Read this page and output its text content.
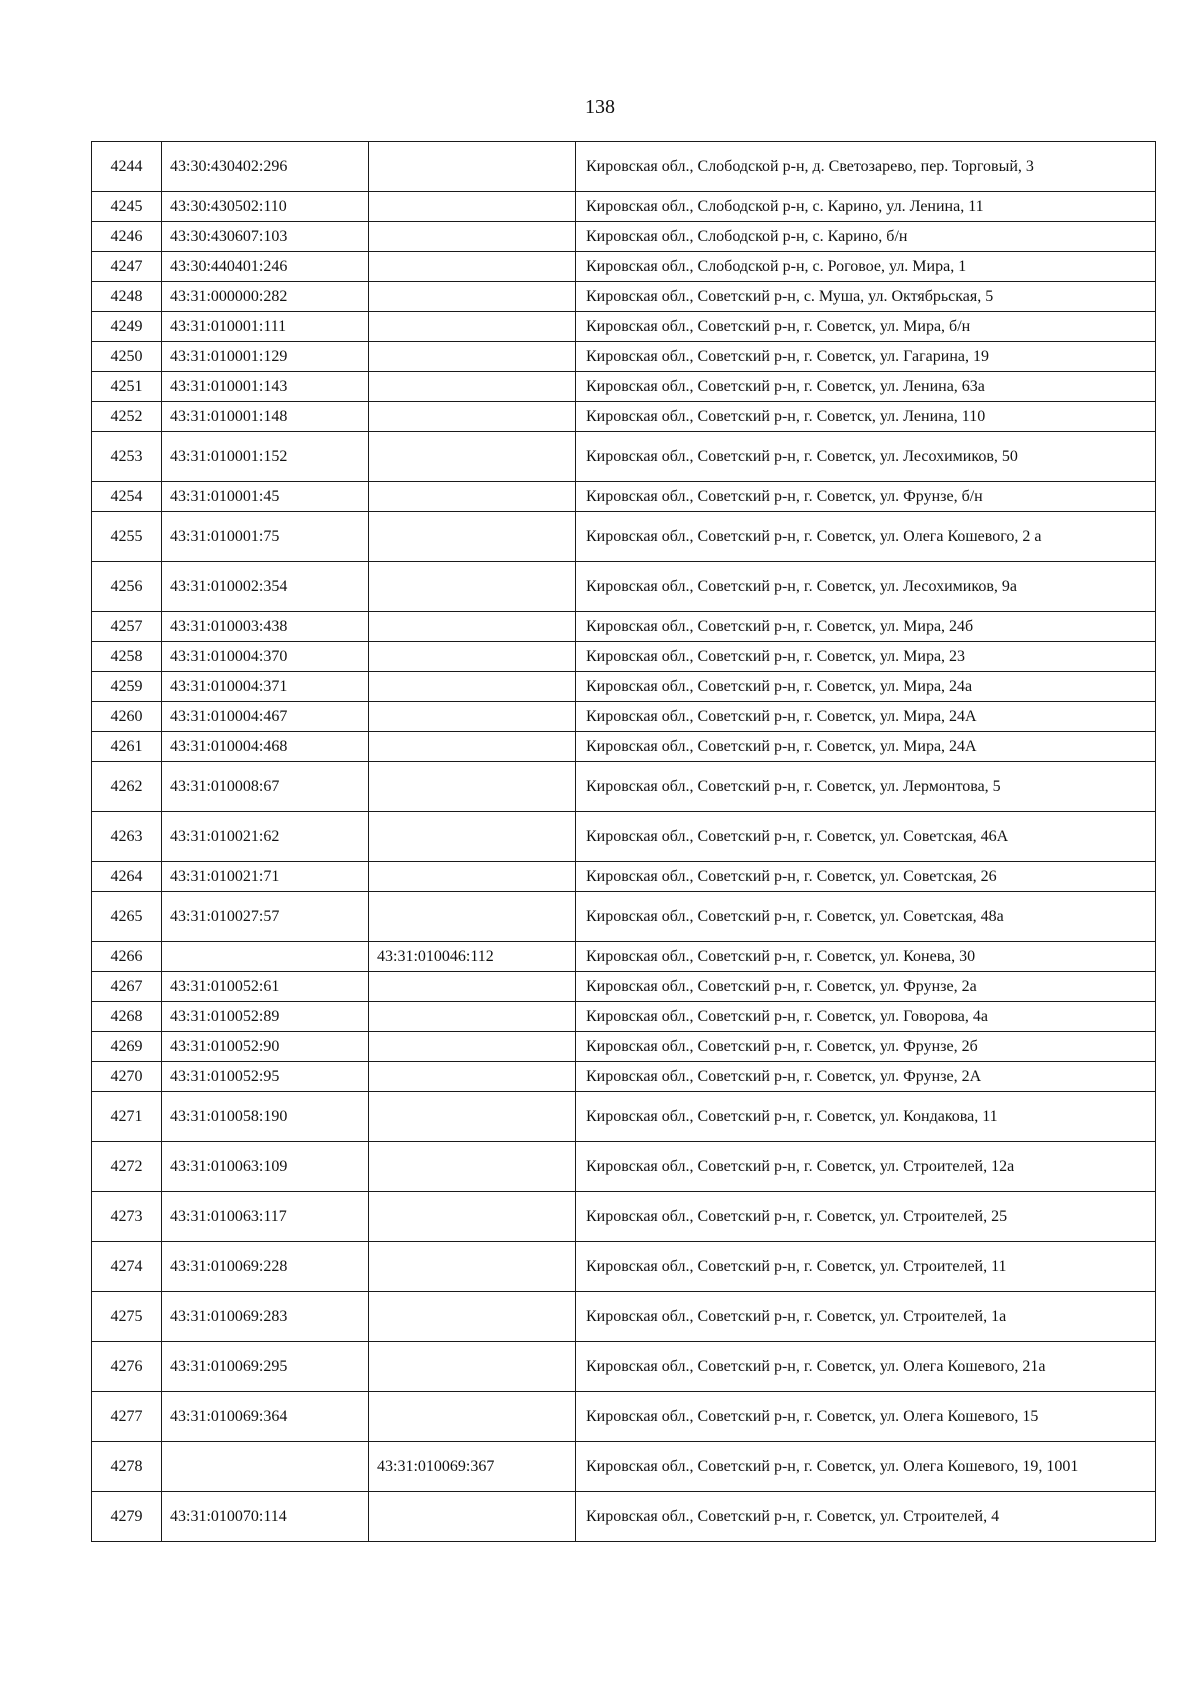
138
4244	43:30:430402:296		Кировская обл., Слободской р-н, д. Светозарево, пер. Торговый, 3
4245	43:30:430502:110		Кировская обл., Слободской р-н, с. Карино, ул. Ленина, 11
4246	43:30:430607:103		Кировская обл., Слободской р-н, с. Карино, б/н
4247	43:30:440401:246		Кировская обл., Слободской р-н, с. Роговое, ул. Мира, 1
4248	43:31:000000:282		Кировская обл., Советский р-н, с. Муша, ул. Октябрьская, 5
4249	43:31:010001:111		Кировская обл., Советский р-н, г. Советск, ул. Мира, б/н
4250	43:31:010001:129		Кировская обл., Советский р-н, г. Советск, ул. Гагарина, 19
4251	43:31:010001:143		Кировская обл., Советский р-н, г. Советск, ул. Ленина, 63а
4252	43:31:010001:148		Кировская обл., Советский р-н, г. Советск, ул. Ленина, 110
4253	43:31:010001:152		Кировская обл., Советский р-н, г. Советск, ул. Лесохимиков, 50
4254	43:31:010001:45		Кировская обл., Советский р-н, г. Советск, ул. Фрунзе, б/н
4255	43:31:010001:75		Кировская обл., Советский р-н, г. Советск, ул. Олега Кошевого, 2 а
4256	43:31:010002:354		Кировская обл., Советский р-н, г. Советск, ул. Лесохимиков, 9а
4257	43:31:010003:438		Кировская обл., Советский р-н, г. Советск, ул. Мира, 24б
4258	43:31:010004:370		Кировская обл., Советский р-н, г. Советск, ул. Мира, 23
4259	43:31:010004:371		Кировская обл., Советский р-н, г. Советск, ул. Мира, 24а
4260	43:31:010004:467		Кировская обл., Советский р-н, г. Советск, ул. Мира, 24А
4261	43:31:010004:468		Кировская обл., Советский р-н, г. Советск, ул. Мира, 24А
4262	43:31:010008:67		Кировская обл., Советский р-н, г. Советск, ул. Лермонтова, 5
4263	43:31:010021:62		Кировская обл., Советский р-н, г. Советск, ул. Советская, 46А
4264	43:31:010021:71		Кировская обл., Советский р-н, г. Советск, ул. Советская, 26
4265	43:31:010027:57		Кировская обл., Советский р-н, г. Советск, ул. Советская, 48а
4266		43:31:010046:112	Кировская обл., Советский р-н, г. Советск, ул. Конева, 30
4267	43:31:010052:61		Кировская обл., Советский р-н, г. Советск, ул. Фрунзе, 2а
4268	43:31:010052:89		Кировская обл., Советский р-н, г. Советск, ул. Говорова, 4а
4269	43:31:010052:90		Кировская обл., Советский р-н, г. Советск, ул. Фрунзе, 2б
4270	43:31:010052:95		Кировская обл., Советский р-н, г. Советск, ул. Фрунзе, 2А
4271	43:31:010058:190		Кировская обл., Советский р-н, г. Советск, ул. Кондакова, 11
4272	43:31:010063:109		Кировская обл., Советский р-н, г. Советск, ул. Строителей, 12а
4273	43:31:010063:117		Кировская обл., Советский р-н, г. Советск, ул. Строителей, 25
4274	43:31:010069:228		Кировская обл., Советский р-н, г. Советск, ул. Строителей, 11
4275	43:31:010069:283		Кировская обл., Советский р-н, г. Советск, ул. Строителей, 1а
4276	43:31:010069:295		Кировская обл., Советский р-н, г. Советск, ул. Олега Кошевого, 21а
4277	43:31:010069:364		Кировская обл., Советский р-н, г. Советск, ул. Олега Кошевого, 15
4278		43:31:010069:367	Кировская обл., Советский р-н, г. Советск, ул. Олега Кошевого, 19, 1001
4279	43:31:010070:114		Кировская обл., Советский р-н, г. Советск, ул. Строителей, 4
